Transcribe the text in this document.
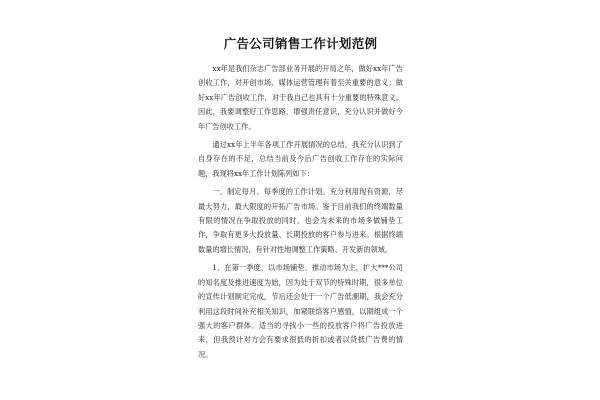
广告公司销售工作计划范例

xx年是我们杂志广告部业务开展的开局之年，做好xx年广告创收工作，对开创市场、媒体运营管理有着至关重要的意义；做好xx年广告创收工作，对于我自己也具有十分重要的特殊意义。因此，我要调整好工作思路，增强责任意识，充分认识并做好今年广告创收工作。

通过xx年上半年各项工作开展情况的总结，我充分认识到了自身存在的不足，总结当前及今后广告创收工作存在的实际问题，我现将xx年工作计划陈列如下：

一、制定每月、每季度的工作计划。充分利用现有资源，尽最大努力，最大限度的开拓广告市场。鉴于目前我们的终端数量有限的情况在争取投放的同时，也会为未来的市场多做铺垫工作，争取有更多大投放量、长期投放的客户参与进来。根据终端数量的增长情况，有针对性地调整工作策略、开发新的领域。

1、在第一季度，以市场铺垫、推动市场为主，扩大***公司的知名度及推进速度为始，因为处于双节的特殊时期，很多单位的宣传计划制定完成，节后还会处于一个广告低潮期，我会充分利用这段时间补充相关知识，加紧联络客户感情，以期组成一个强大的客户群体。适当的寻找小一些的投放客户将广告投放进来，但我预计对方会有要求很低的折扣或者以货抵广告费的情况。
